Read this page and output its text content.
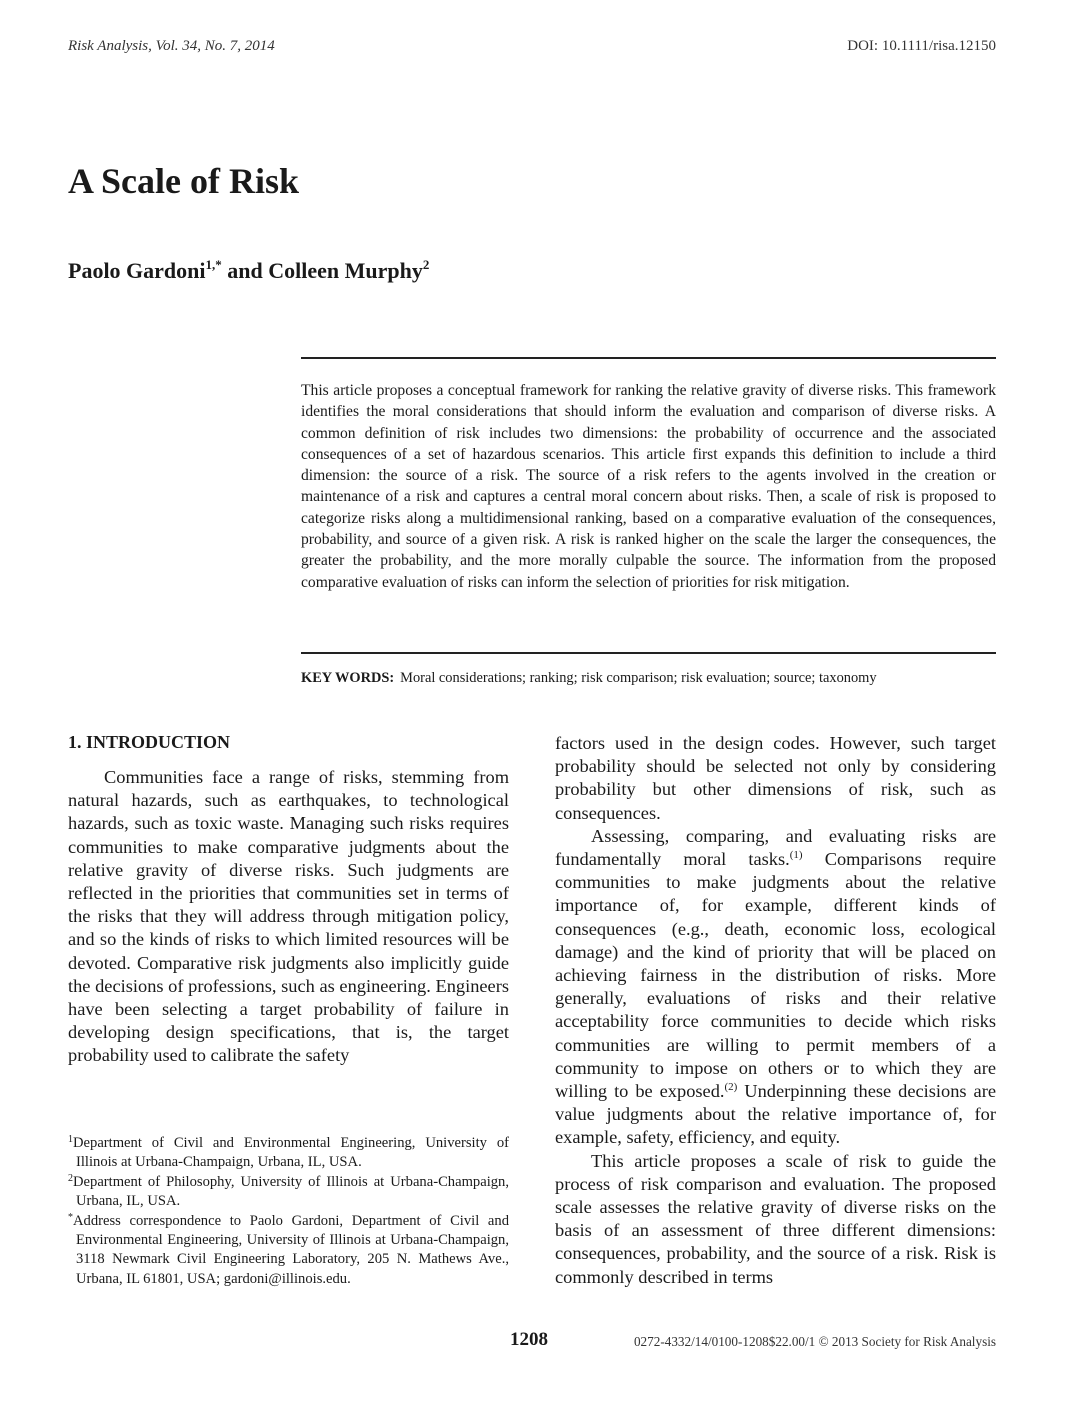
Risk Analysis, Vol. 34, No. 7, 2014	DOI: 10.1111/risa.12150
A Scale of Risk
Paolo Gardoni$^{1,*}$ and Colleen Murphy$^2$

This article proposes a conceptual framework for ranking the relative gravity of diverse risks. This framework identifies the moral considerations that should inform the evaluation and comparison of diverse risks. A common definition of risk includes two dimensions: the probability of occurrence and the associated consequences of a set of hazardous scenarios. This article first expands this definition to include a third dimension: the source of a risk. The source of a risk refers to the agents involved in the creation or maintenance of a risk and captures a central moral concern about risks. Then, a scale of risk is proposed to categorize risks along a multidimensional ranking, based on a comparative evaluation of the consequences, probability, and source of a given risk. A risk is ranked higher on the scale the larger the consequences, the greater the probability, and the more morally culpable the source. The information from the proposed comparative evaluation of risks can inform the selection of priorities for risk mitigation.

KEY WORDS: Moral considerations; ranking; risk comparison; risk evaluation; source; taxonomy
1. INTRODUCTION

Communities face a range of risks, stemming from natural hazards, such as earthquakes, to technological hazards, such as toxic waste. Managing such risks requires communities to make comparative judgments about the relative gravity of diverse risks. Such judgments are reflected in the priorities that communities set in terms of the risks that they will address through mitigation policy, and so the kinds of risks to which limited resources will be devoted. Comparative risk judgments also implicitly guide the decisions of professions, such as engineering. Engineers have been selecting a target probability of failure in developing design specifications, that is, the target probability used to calibrate the safety

$^1$Department of Civil and Environmental Engineering, University of Illinois at Urbana-Champaign, Urbana, IL, USA.

$^2$Department of Philosophy, University of Illinois at Urbana-Champaign, Urbana, IL, USA.

*Address correspondence to Paolo Gardoni, Department of Civil and Environmental Engineering, University of Illinois at Urbana-Champaign, 3118 Newmark Civil Engineering Laboratory, 205 N. Mathews Ave., Urbana, IL 61801, USA; gardoni@illinois.edu.

factors used in the design codes. However, such target probability should be selected not only by considering probability but other dimensions of risk, such as consequences.

Assessing, comparing, and evaluating risks are fundamentally moral tasks.$^{(1)}$ Comparisons require communities to make judgments about the relative importance of, for example, different kinds of consequences (e.g., death, economic loss, ecological damage) and the kind of priority that will be placed on achieving fairness in the distribution of risks. More generally, evaluations of risks and their relative acceptability force communities to decide which risks communities are willing to permit members of a community to impose on others or to which they are willing to be exposed.$^{(2)}$ Underpinning these decisions are value judgments about the relative importance of, for example, safety, efficiency, and equity.

This article proposes a scale of risk to guide the process of risk comparison and evaluation. The proposed scale assesses the relative gravity of diverse risks on the basis of an assessment of three different dimensions: consequences, probability, and the source of a risk. Risk is commonly described in terms

1208	0272-4332/14/0100-1208$22.00/1 © 2013 Society for Risk Analysis
